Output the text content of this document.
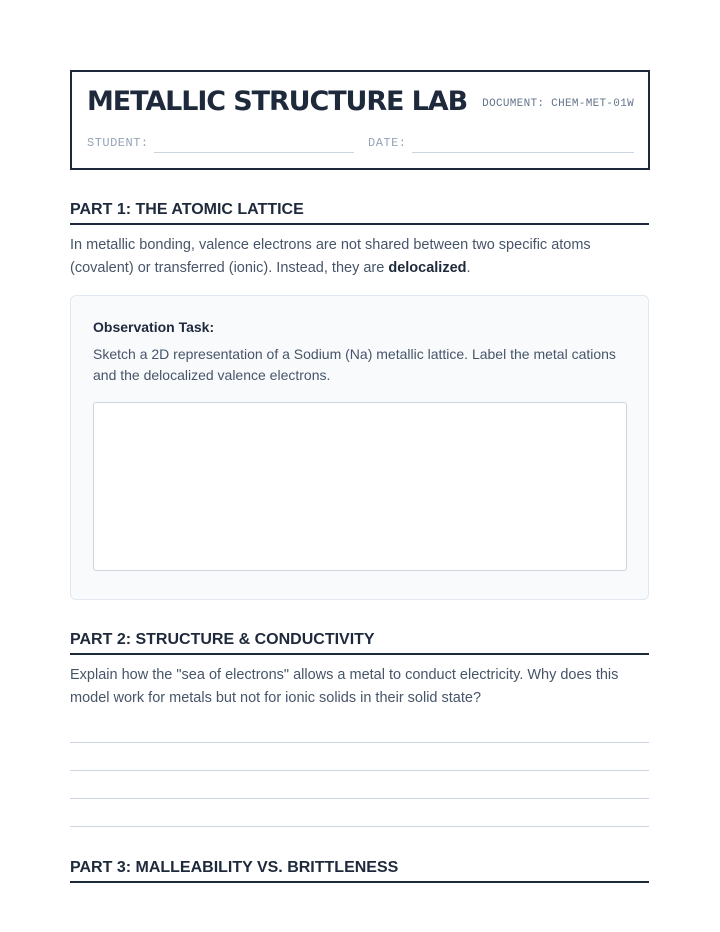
METALLIC STRUCTURE LAB DOCUMENT: CHEM-MET-01W
STUDENT:	DATE:
PART 1: THE ATOMIC LATTICE
In metallic bonding, valence electrons are not shared between two specific atoms (covalent) or transferred (ionic). Instead, they are delocalized.
Observation Task:
Sketch a 2D representation of a Sodium (Na) metallic lattice. Label the metal cations and the delocalized valence electrons.
PART 2: STRUCTURE & CONDUCTIVITY
Explain how the "sea of electrons" allows a metal to conduct electricity. Why does this model work for metals but not for ionic solids in their solid state?
PART 3: MALLEABILITY VS. BRITTLENESS
